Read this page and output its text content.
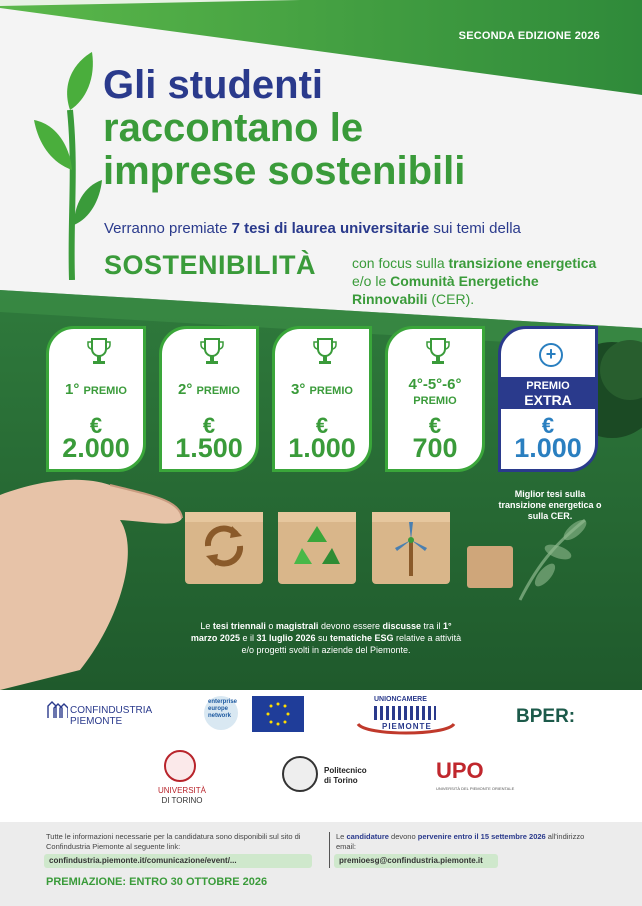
SECONDA EDIZIONE 2026
Gli studenti
raccontano le
imprese sostenibili
Verranno premiate 7 tesi di laurea universitarie sui temi della
SOSTENIBILITÀ	con focus sulla transizione energetica e/o le Comunità Energetiche Rinnovabili (CER).
1° PREMIO
€
2.000
2° PREMIO
€
1.500
3° PREMIO
€
1.000
4°-5°-6°
PREMIO
€
700
+
PREMIO
EXTRA
€
1.000
Miglior tesi sulla transizione energetica o sulla CER.
Le tesi triennali o magistrali devono essere discusse tra il 1° marzo 2025 e il 31 luglio 2026 su tematiche ESG relative a attività e/o progetti svolti in aziende del Piemonte.
CONFINDUSTRIA
PIEMONTE
enterprise
europe
network
UNIONCAMERE
PIEMONTE	BPER:
UNIVERSITÀ
DI TORINO
Politecnico
di Torino	UPO
UNIVERSITÀ DEL PIEMONTE ORIENTALE
Tutte le informazioni necessarie per la candidatura sono disponibili sul sito di Confindustria Piemonte al seguente link:
confindustria.piemonte.it/comunicazione/event/...
PREMIAZIONE: ENTRO 30 OTTOBRE 2026
Le candidature devono pervenire entro il 15 settembre 2026 all'indirizzo email:
premioesg@confindustria.piemonte.it
